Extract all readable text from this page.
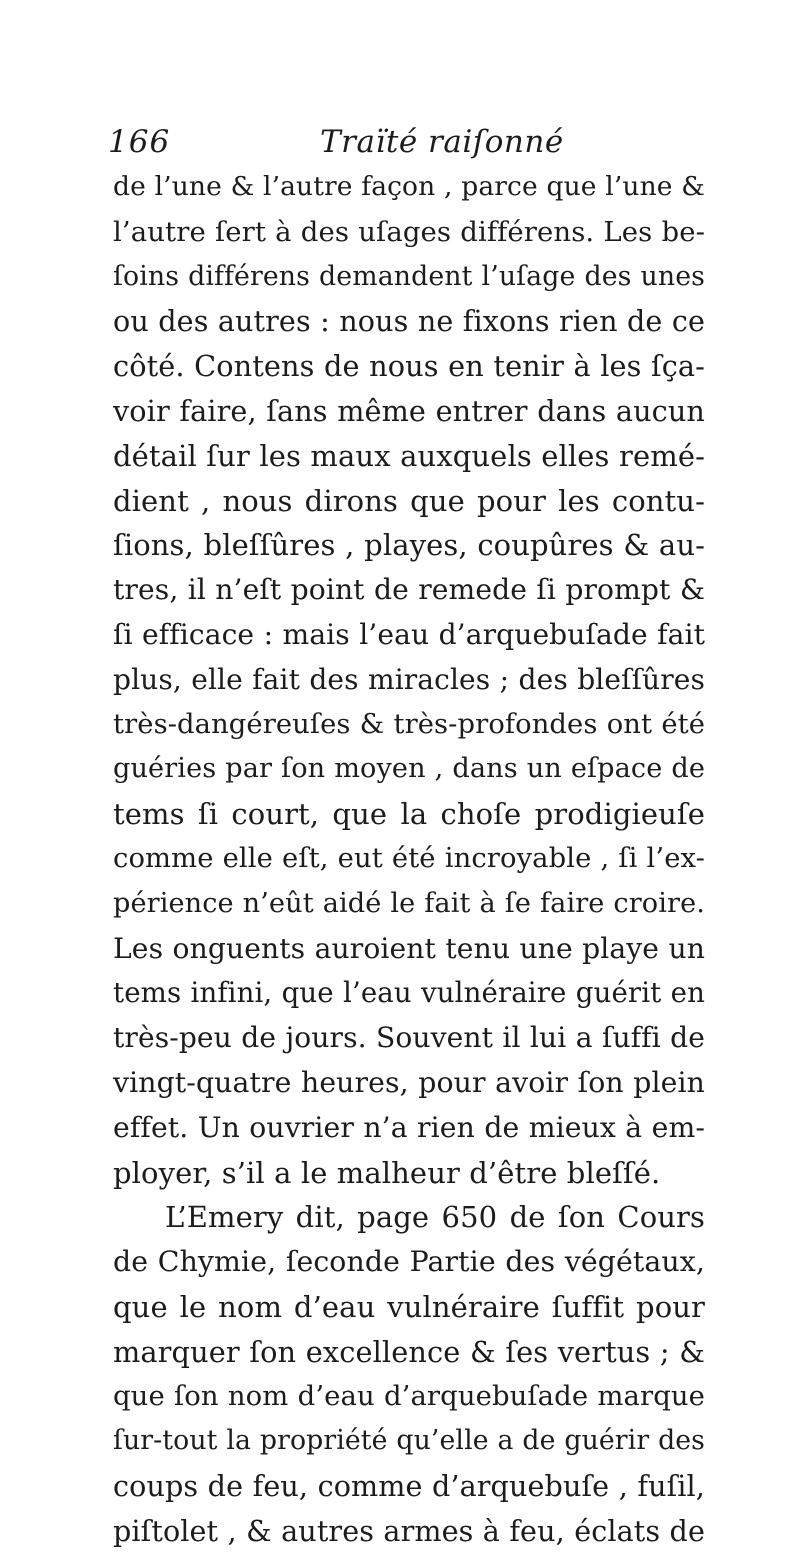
166	Traïté raiſonné
de l’une & l’autre façon , parce que l’une &
l’autre ſert à des uſages différens. Les be-
ſoins différens demandent l’uſage des unes
ou des autres : nous ne fixons rien de ce
côté. Contens de nous en tenir à les ſça-
voir faire, ſans même entrer dans aucun
détail ſur les maux auxquels elles remé-
dient , nous dirons que pour les contu-
ſions, bleſſûres , playes, coupûres & au-
tres, il n’eſt point de remede ſi prompt &
ſi efficace : mais l’eau d’arquebuſade fait
plus, elle fait des miracles ; des bleſſûres
très-dangéreuſes & très-profondes ont été
guéries par ſon moyen , dans un eſpace de
tems ſi court, que la choſe prodigieuſe
comme elle eſt, eut été incroyable , ſi l’ex-
périence n’eût aidé le fait à ſe faire croire.
Les onguents auroient tenu une playe un
tems infini, que l’eau vulnéraire guérit en
très-peu de jours. Souvent il lui a ſuffi de
vingt-quatre heures, pour avoir ſon plein
effet. Un ouvrier n’a rien de mieux à em-
ployer, s’il a le malheur d’être bleſſé.
L’Emery dit, page 650 de ſon Cours
de Chymie, ſeconde Partie des végétaux,
que le nom d’eau vulnéraire ſuffit pour
marquer ſon excellence & ſes vertus ; &
que ſon nom d’eau d’arquebuſade marque
ſur-tout la propriété qu’elle a de guérir des
coups de feu, comme d’arquebuſe , fuſil,
piſtolet , & autres armes à feu, éclats de
